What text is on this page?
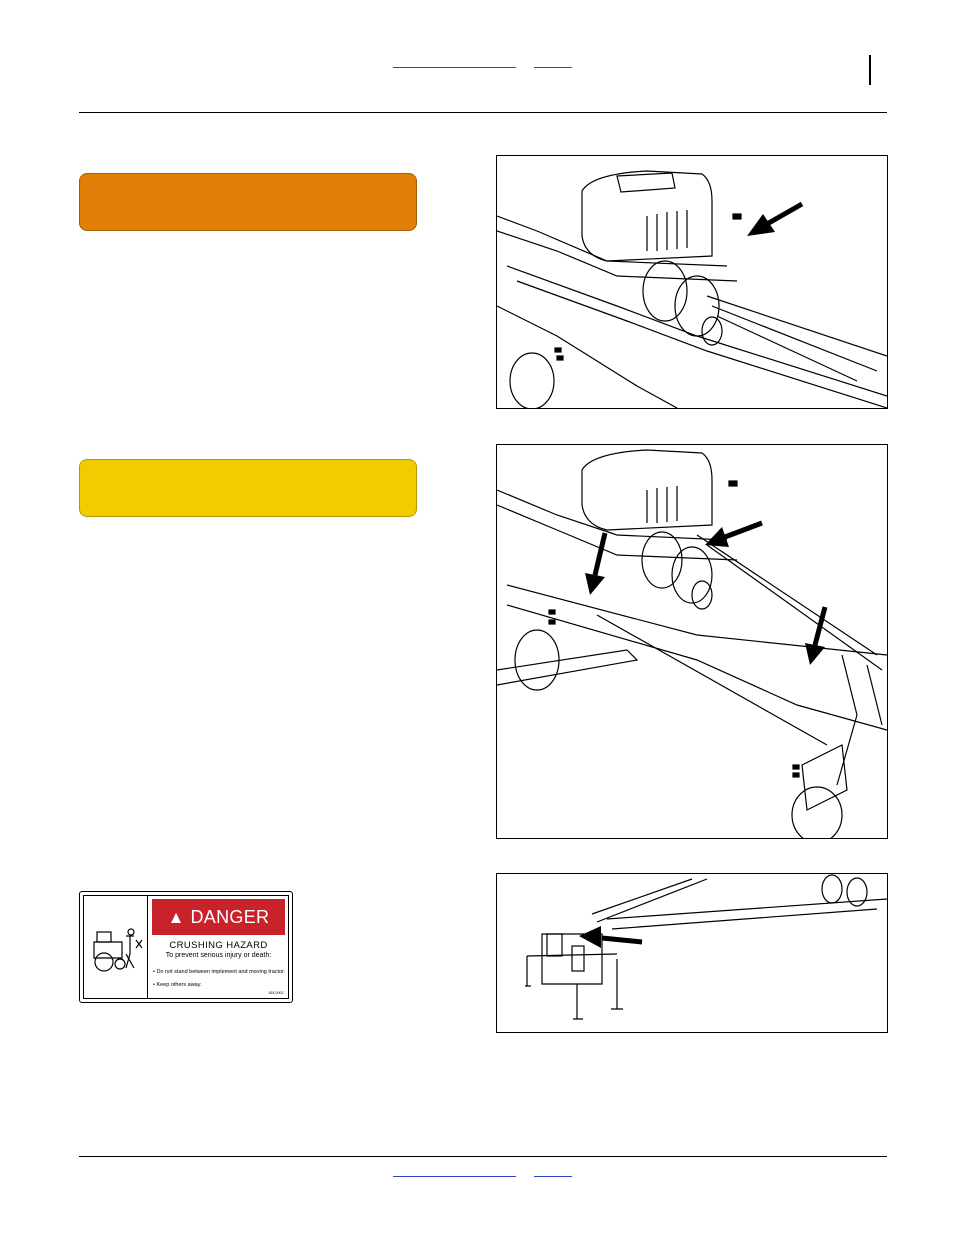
▲ DANGER
CRUSHING HAZARD
To prevent serious injury or death:
• Do not stand between implement and moving tractor.
• Keep others away.
818-000C
